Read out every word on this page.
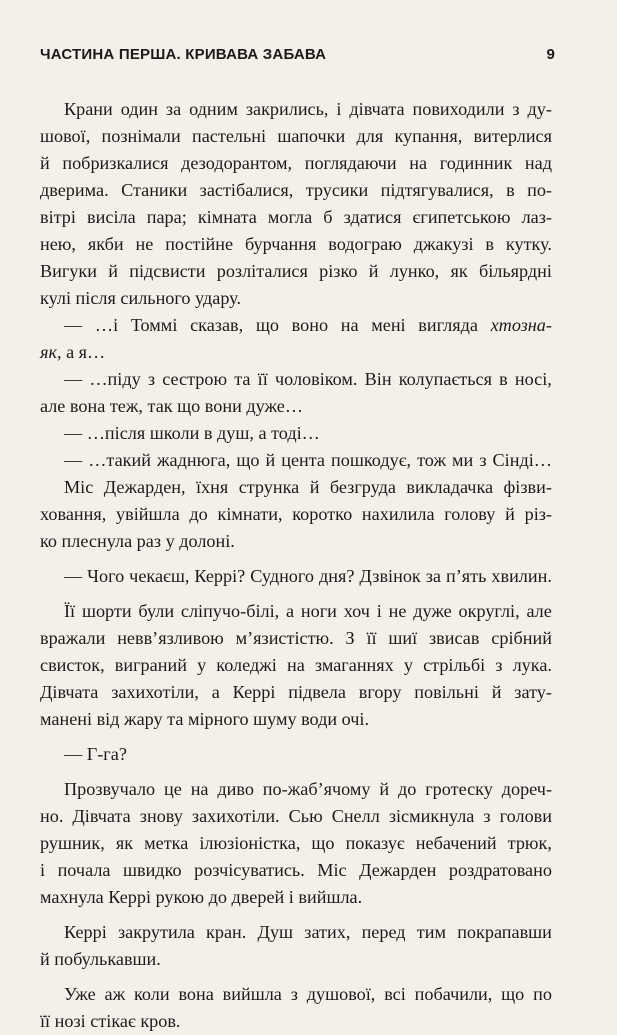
ЧАСТИНА ПЕРША. КРИВАВА ЗАБАВА	9
Крани один за одним закрились, і дівчата повиходили з ду-
шової, познімали пастельні шапочки для купання, витерлися
й побризкалися дезодорантом, поглядаючи на годинник над
дверима. Станики застібалися, трусики підтягувалися, в по-
вітрі висіла пара; кімната могла б здатися єгипетською лаз-
нею, якби не постійне бурчання водограю джакузі в кутку.
Вигуки й підсвисти розліталися різко й лунко, як більярдні
кулі після сильного удару.
— …і Томмі сказав, що воно на мені вигляда хтозна-
як, а я…
— …піду з сестрою та її чоловіком. Він колупається в носі,
але вона теж, так що вони дуже…
— …після школи в душ, а тоді…
— …такий жаднюга, що й цента пошкодує, тож ми з Сінді…
Міс Дежарден, їхня струнка й безгруда викладачка фізви-
ховання, увійшла до кімнати, коротко нахилила голову й різ-
ко плеснула раз у долоні.
— Чого чекаєш, Керрі? Судного дня? Дзвінок за п’ять хвилин.
Її шорти були сліпучо-білі, а ноги хоч і не дуже округлі, але
вражали невв’язливою м’язистістю. З її шиї звисав срібний
свисток, виграний у коледжі на змаганнях у стрільбі з лука.
Дівчата захихотіли, а Керрі підвела вгору повільні й зату-
манені від жару та мірного шуму води очі.
— Г-га?
Прозвучало це на диво по-жаб’ячому й до гротеску дореч-
но. Дівчата знову захихотіли. Сью Снелл зісмикнула з голови
рушник, як метка ілюзіоністка, що показує небачений трюк,
і почала швидко розчісуватись. Міс Дежарден роздратовано
махнула Керрі рукою до дверей і вийшла.
Керрі закрутила кран. Душ затих, перед тим покрапавши
й побулькавши.
Уже аж коли вона вийшла з душової, всі побачили, що по
її нозі стікає кров.
